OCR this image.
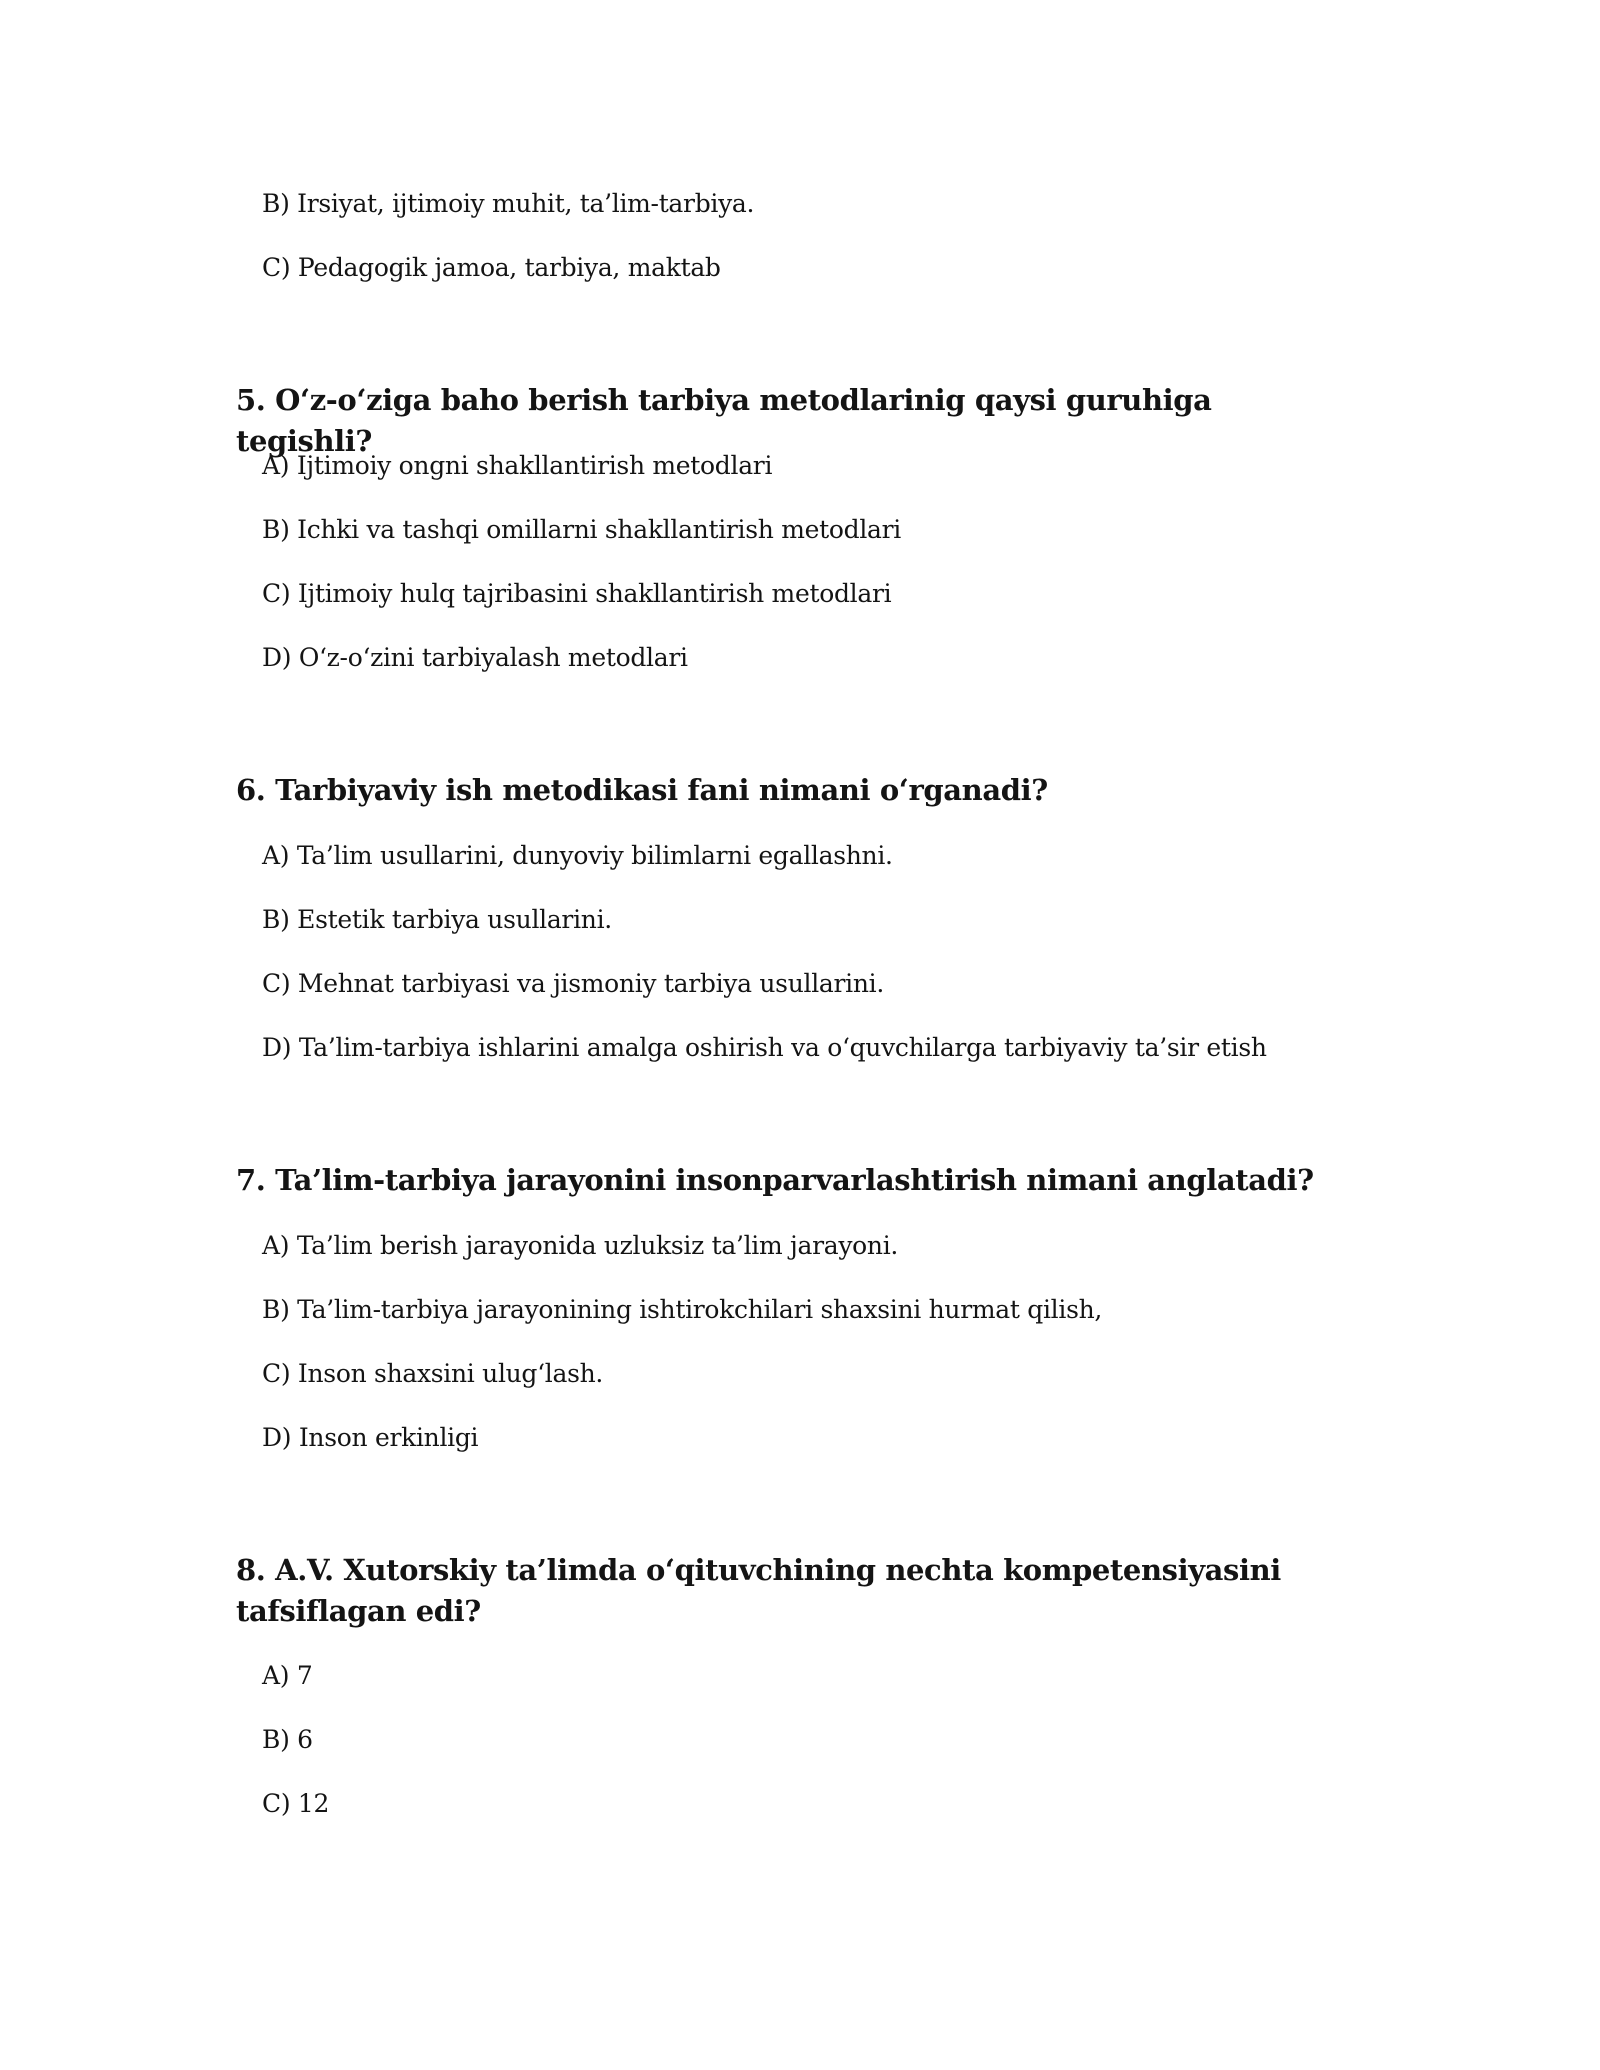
B) Irsiyat, ijtimoiy muhit, ta’lim-tarbiya.
C) Pedagogik jamoa, tarbiya, maktab
5. O‘z-o‘ziga baho berish tarbiya metodlarinig qaysi guruhiga tegishli?
A) Ijtimoiy ongni shakllantirish metodlari
B) Ichki va tashqi omillarni shakllantirish metodlari
C) Ijtimoiy hulq tajribasini shakllantirish metodlari
D) O‘z-o‘zini tarbiyalash metodlari
6. Tarbiyaviy ish metodikasi fani nimani o‘rganadi?
A) Ta’lim usullarini, dunyoviy bilimlarni egallashni.
B) Estetik tarbiya usullarini.
C) Mehnat tarbiyasi va jismoniy tarbiya usullarini.
D) Ta’lim-tarbiya ishlarini amalga oshirish va o‘quvchilarga tarbiyaviy ta’sir etish
7. Ta’lim-tarbiya jarayonini insonparvarlashtirish nimani anglatadi?
A) Ta’lim berish jarayonida uzluksiz ta’lim jarayoni.
B) Ta’lim-tarbiya jarayonining ishtirokchilari shaxsini hurmat qilish,
C) Inson shaxsini ulug‘lash.
D) Inson erkinligi
8. A.V. Xutorskiy ta’limda o‘qituvchining nechta kompetensiyasini tafsiflagan edi?
A) 7
B) 6
C) 12
